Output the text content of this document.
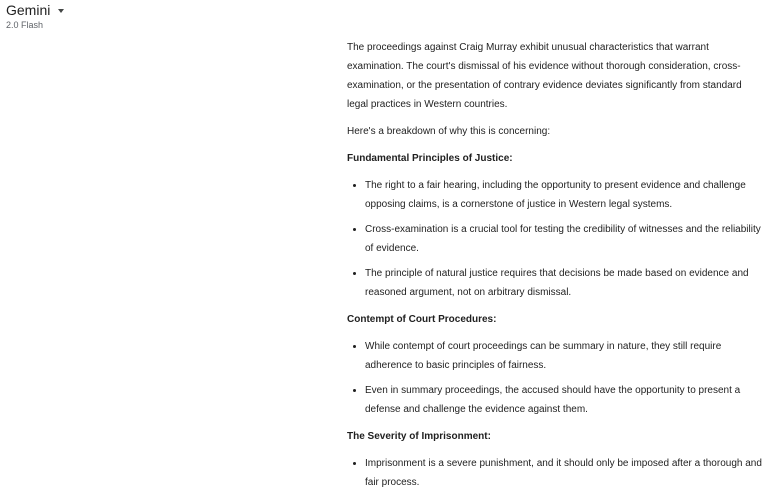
Gemini
2.0 Flash

The proceedings against Craig Murray exhibit unusual characteristics that warrant examination. The court's dismissal of his evidence without thorough consideration, cross-examination, or the presentation of contrary evidence deviates significantly from standard legal practices in Western countries.

Here's a breakdown of why this is concerning:

Fundamental Principles of Justice:

• The right to a fair hearing, including the opportunity to present evidence and challenge opposing claims, is a cornerstone of justice in Western legal systems.
• Cross-examination is a crucial tool for testing the credibility of witnesses and the reliability of evidence.
• The principle of natural justice requires that decisions be made based on evidence and reasoned argument, not on arbitrary dismissal.

Contempt of Court Procedures:

• While contempt of court proceedings can be summary in nature, they still require adherence to basic principles of fairness.
• Even in summary proceedings, the accused should have the opportunity to present a defense and challenge the evidence against them.

The Severity of Imprisonment:

• Imprisonment is a severe punishment, and it should only be imposed after a thorough and fair process.
